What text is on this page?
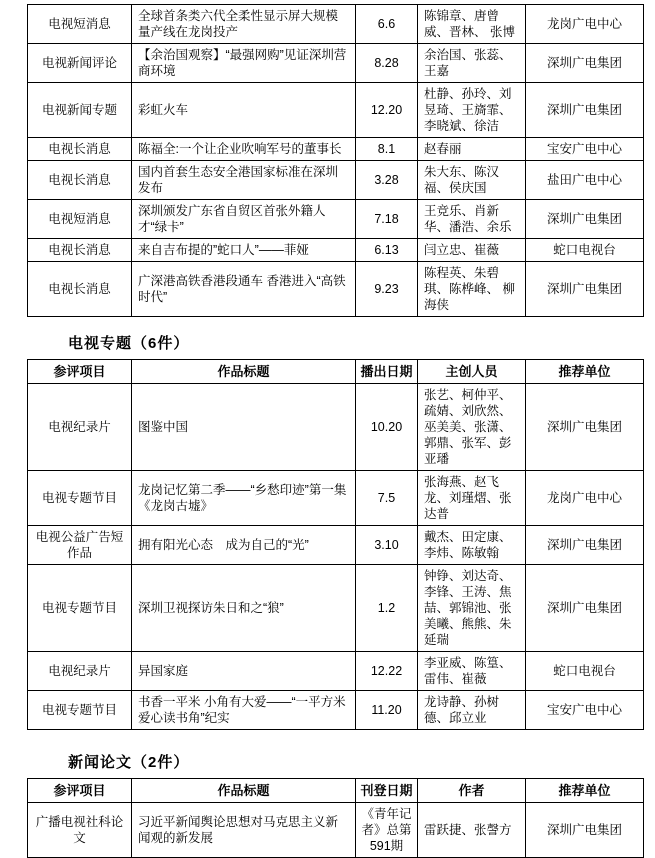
电视短消息	全球首条类六代全柔性显示屏大规模量产线在龙岗投产	6.6	陈锦章、唐曾威、晋林、 张博	龙岗广电中心
电视新闻评论	【余治国观察】“最强网购”见证深圳营商环境	8.28	余治国、张蕊、王嘉	深圳广电集团
电视新闻专题	彩虹火车	12.20	杜静、孙玲、刘昱琦、王旖霏、李晓斌、徐洁	深圳广电集团
电视长消息	陈福全:一个让企业吹响军号的董事长	8.1	赵春丽	宝安广电中心
电视长消息	国内首套生态安全港国家标准在深圳发布	3.28	朱大东、陈汉福、侯庆国	盐田广电中心
电视短消息	深圳颁发广东省自贸区首张外籍人才“绿卡”	7.18	王竞乐、肖新华、潘浩、余乐	深圳广电集团
电视长消息	来自吉布提的”蛇口人”——菲娅	6.13	闫立忠、崔薇	蛇口电视台
电视长消息	广深港高铁香港段通车 香港进入“高铁时代”	9.23	陈程英、朱碧琪、陈桦峰、 柳海侠	深圳广电集团
电视专题（6件）
参评项目	作品标题	播出日期	主创人员	推荐单位
电视纪录片	图鉴中国	10.20	张艺、柯仲平、疏婧、刘欣然、巫美美、张潇、郭鼎、张军、彭亚璠	深圳广电集团
电视专题节目	龙岗记忆第二季——“乡愁印迹”第一集《龙岗古墟》	7.5	张海燕、赵飞龙、刘瑾熠、张达普	龙岗广电中心
电视公益广告短作品	拥有阳光心态　成为自己的“光”	3.10	戴杰、田定康、李炜、陈敏翰	深圳广电集团
电视专题节目	深圳卫视探访朱日和之“狼”	1.2	钟铮、刘达奇、李锋、王涛、焦喆、郭锦池、张美曦、熊熊、朱延瑞	深圳广电集团
电视纪录片	异国家庭	12.22	李亚威、陈篁、雷伟、崔薇	蛇口电视台
电视专题节目	书香一平米 小角有大爱——“一平方米爱心读书角”纪实	11.20	龙诗静、孙树德、邱立业	宝安广电中心
新闻论文（2件）
参评项目	作品标题	刊登日期	作者	推荐单位
广播电视社科论文	习近平新闻舆论思想对马克思主义新闻观的新发展	《青年记者》总第591期	雷跃捷、张謦方	深圳广电集团
